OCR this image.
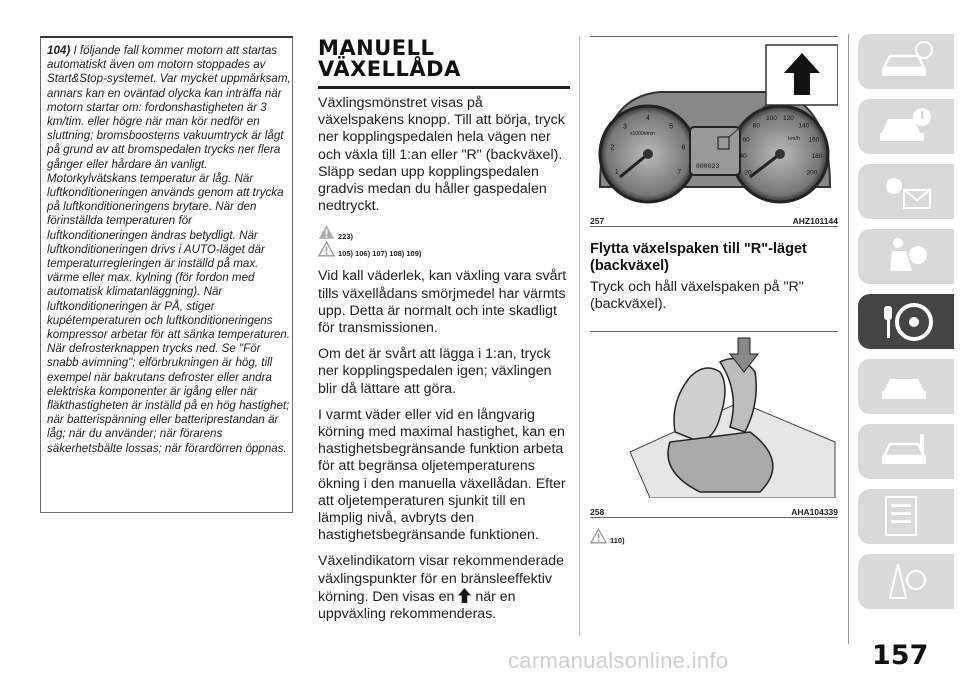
104) I följande fall kommer motorn att startas automatiskt även om motorn stoppades av Start&Stop-systemet. Var mycket uppmärksam, annars kan en oväntad olycka kan inträffa när motorn startar om: fordonshastigheten är 3 km/tim. eller högre när man kör nedför en sluttning; bromsboosterns vakuumtryck är lågt på grund av att bromspedalen trycks ner flera gånger eller hårdare än vanligt. Motorkylvätskans temperatur är låg. När luftkonditioneringen används genom att trycka på luftkonditioneringens brytare. När den förinställda temperaturen för luftkonditioneringen ändras betydligt. När luftkonditioneringen drivs i AUTO-läget där temperaturregleringen är inställd på max. värme eller max. kylning (för fordon med automatisk klimatanläggning). När luftkonditioneringen är PÅ, stiger kupétemperaturen och luftkonditioneringens kompressor arbetar för att sänka temperaturen. När defrosterknappen trycks ned. Se "För snabb avimning"; elförbrukningen är hög, till exempel när bakrutans defroster eller andra elektriska komponenter är igång eller när fläkthastigheten är inställd på en hög hastighet; när batterispänning eller batteriprestandan är låg; när du använder; när förarens säkerhetsbälte lossas; när förardörren öppnas.

MANUELL
VÄXELLÅDA

Växlingsmönstret visas på växelspakens knopp. Till att börja, tryck ner kopplingspedalen hela vägen ner och växla till 1:an eller "R" (backväxel). Släpp sedan upp kopplingspedalen gradvis medan du håller gaspedalen nedtryckt.

223)
105) 106) 107) 108) 109)

Vid kall väderlek, kan växling vara svårt tills växellådans smörjmedel har värmts upp. Detta är normalt och inte skadligt för transmissionen.

Om det är svårt att lägga i 1:an, tryck ner kopplingspedalen igen; växlingen blir då lättare att göra.

I varmt väder eller vid en långvarig körning med maximal hastighet, kan en hastighetsbegränsande funktion arbeta för att begränsa oljetemperaturens ökning i den manuella växellådan. Efter att oljetemperaturen sjunkit till en lämplig nivå, avbryts den hastighetsbegränsande funktionen.

Växelindikatorn visar rekommenderade växlingspunkter för en bränsleeffektiv körning. Den visas en när en uppväxling rekommenderas.

1
2
3
4
5
6
7	20
40
60
80
100 120
140
160
180
200
x1000r/min
km/h
000023
257	AHZ101144
Flytta växelspaken till "R"-läget (backväxel)

Tryck och håll växelspaken på "R" (backväxel).

258	AHA104339
110)
157
carmanualsonline.info
